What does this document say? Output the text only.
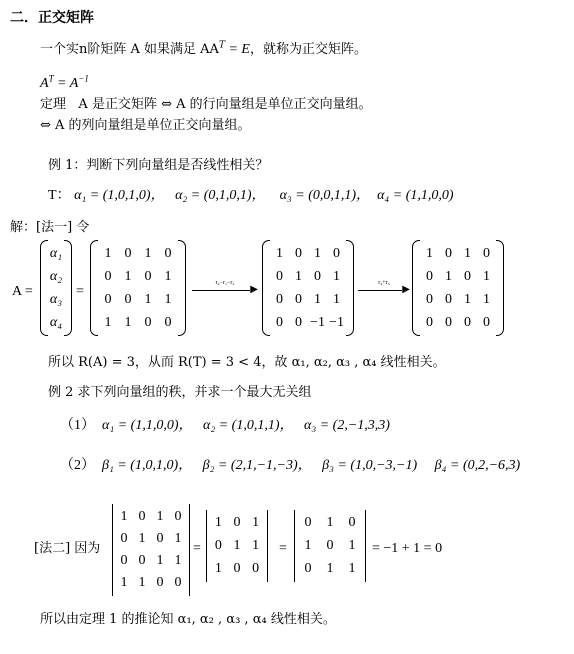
二．正交矩阵
一个实n阶矩阵 A 如果满足 $AA^T = E$，就称为正交矩阵。
$A^T = A^{-1}$
定理 A 是正交矩阵 ⇔ A 的行向量组是单位正交向量组。
⇔ A 的列向量组是单位正交向量组。
例 1：判断下列向量组是否线性相关？
T： α₁ = (1,0,1,0)， α₂ = (0,1,0,1)， α₃ = (0,0,1,1)， α₄ = (1,1,0,0)
解：[法一] 令
A =
α₁
α₂
α₃
α₄
=
1 0 1 0
0 1 0 1
0 0 1 1
1 1 0 0
r₄−r₁−r₂
▶
1 0 1 0
0 1 0 1
0 0 1 1
0 0 −1 −1
r₄+r₃
▶
1 0 1 0
0 1 0 1
0 0 1 1
0 0 0 0
所以 R(A) = 3，从而 R(T) = 3 < 4，故 α₁, α₂, α₃ , α₄ 线性相关。
例 2 求下列向量组的秩，并求一个最大无关组
（1） α₁ = (1,1,0,0)， α₂ = (1,0,1,1)， α₃ = (2,−1,3,3)
（2） β₁ = (1,0,1,0)， β₂ = (2,1,−1,−3)， β₃ = (1,0,−3,−1) β₄ = (0,2,−6,3)
[法二] 因为
1 0 1 0
0 1 0 1
0 0 1 1
1 1 0 0
=
1 0 1
0 1 1
1 0 0
=
0 1 0
1 0 1
0 1 1
= −1 + 1 = 0
所以由定理 1 的推论知 α₁, α₂ , α₃ , α₄ 线性相关。
